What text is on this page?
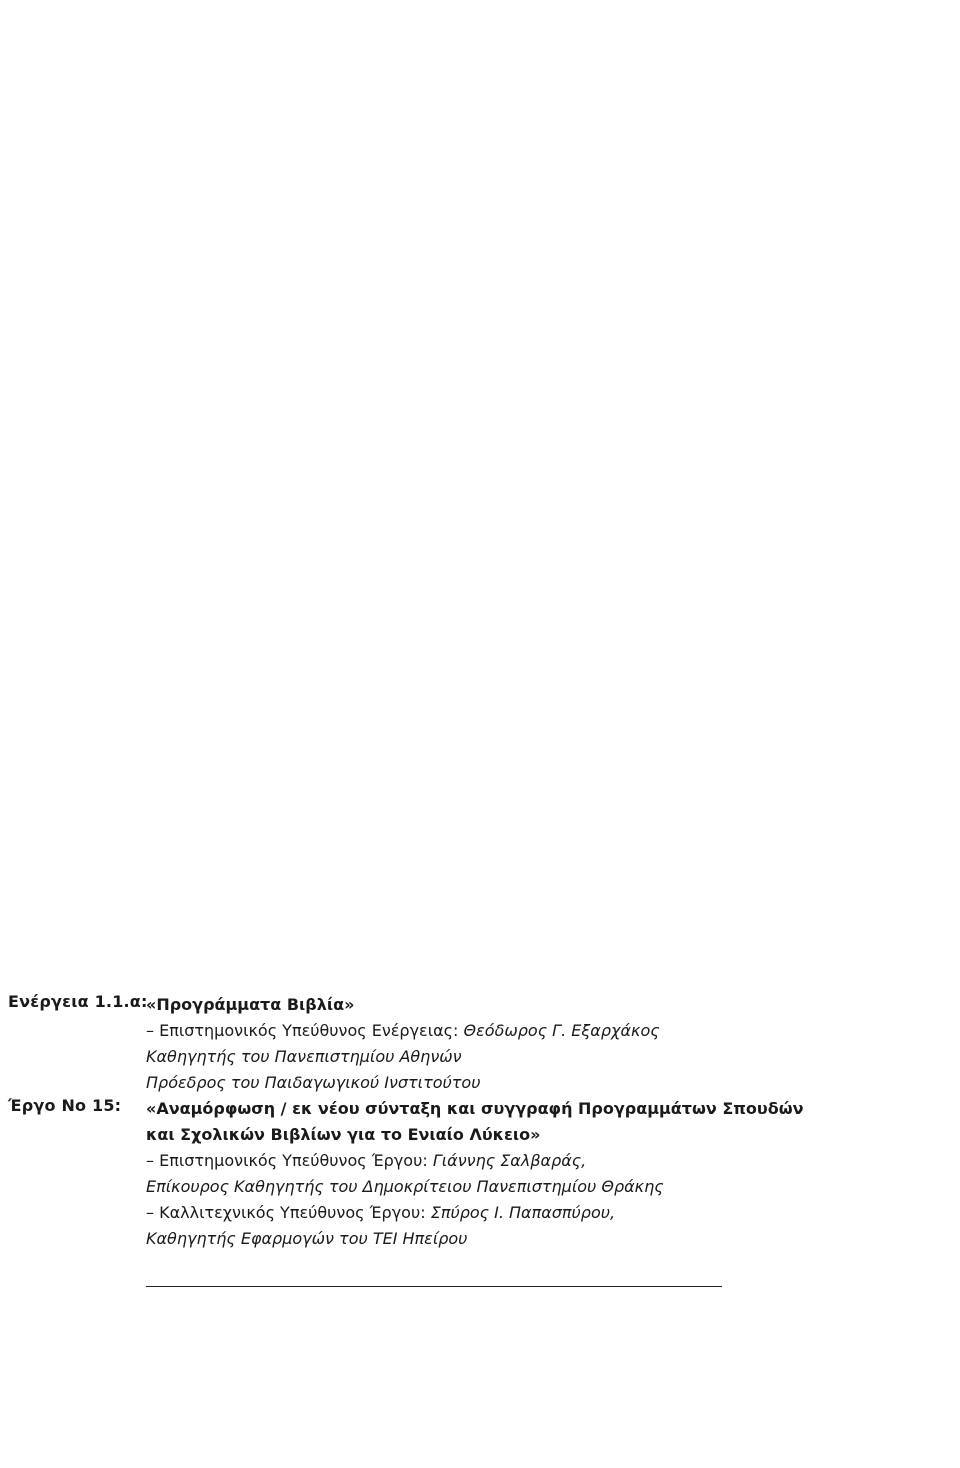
Ενέργεια 1.1.α:
«Προγράμματα Βιβλία»
– Επιστημονικός Υπεύθυνος Ενέργειας: Θεόδωρος Γ. Εξαρχάκος
Καθηγητής του Πανεπιστημίου Αθηνών
Πρόεδρος του Παιδαγωγικού Ινστιτούτου
Έργο Νο 15: «Αναμόρφωση / εκ νέου σύνταξη και συγγραφή Προγραμμάτων Σπουδών
και Σχολικών Βιβλίων για το Ενιαίο Λύκειο»
– Επιστημονικός Υπεύθυνος Έργου: Γιάννης Σαλβαράς,
Επίκουρος Καθηγητής του Δημοκρίτειου Πανεπιστημίου Θράκης
– Καλλιτεχνικός Υπεύθυνος Έργου: Σπύρος Ι. Παπασπύρου,
Καθηγητής Εφαρμογών του ΤΕΙ Ηπείρου
